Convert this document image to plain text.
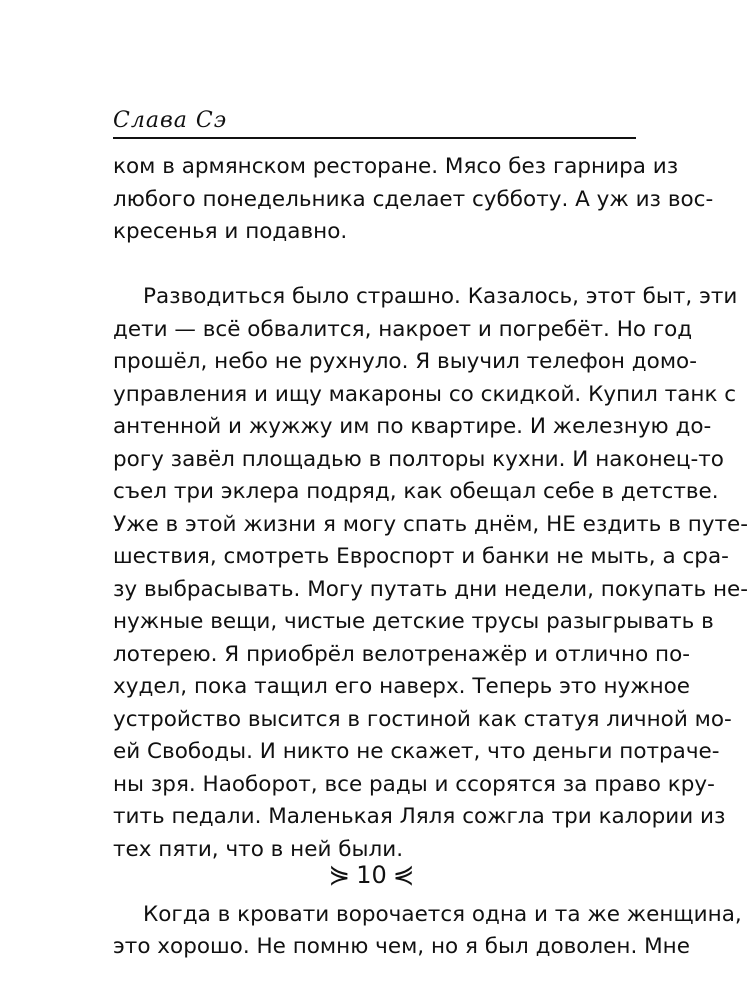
Слава Сэ
ком в армянском ресторане. Мясо без гарнира из
любого понедельника сделает субботу. А уж из вос-
кресенья и подавно.
Разводиться было страшно. Казалось, этот быт, эти
дети — всё обвалится, накроет и погребёт. Но год
прошёл, небо не рухнуло. Я выучил телефон домо-
управления и ищу макароны со скидкой. Купил танк с
антенной и жужжу им по квартире. И железную до-
рогу завёл площадью в полторы кухни. И наконец-то
съел три эклера подряд, как обещал себе в детстве.
Уже в этой жизни я могу спать днём, НЕ ездить в путе-
шествия, смотреть Евроспорт и банки не мыть, а сра-
зу выбрасывать. Могу путать дни недели, покупать не-
нужные вещи, чистые детские трусы разыгрывать в
лотерею. Я приобрёл велотренажёр и отлично по-
худел, пока тащил его наверх. Теперь это нужное
устройство высится в гостиной как статуя личной мо-
ей Свободы. И никто не скажет, что деньги потраче-
ны зря. Наоборот, все рады и ссорятся за право кру-
тить педали. Маленькая Ляля сожгла три калории из
тех пяти, что в ней были.
Когда в кровати ворочается одна и та же женщина,
это хорошо. Не помню чем, но я был доволен. Мне
⋟ 10 ⋞
